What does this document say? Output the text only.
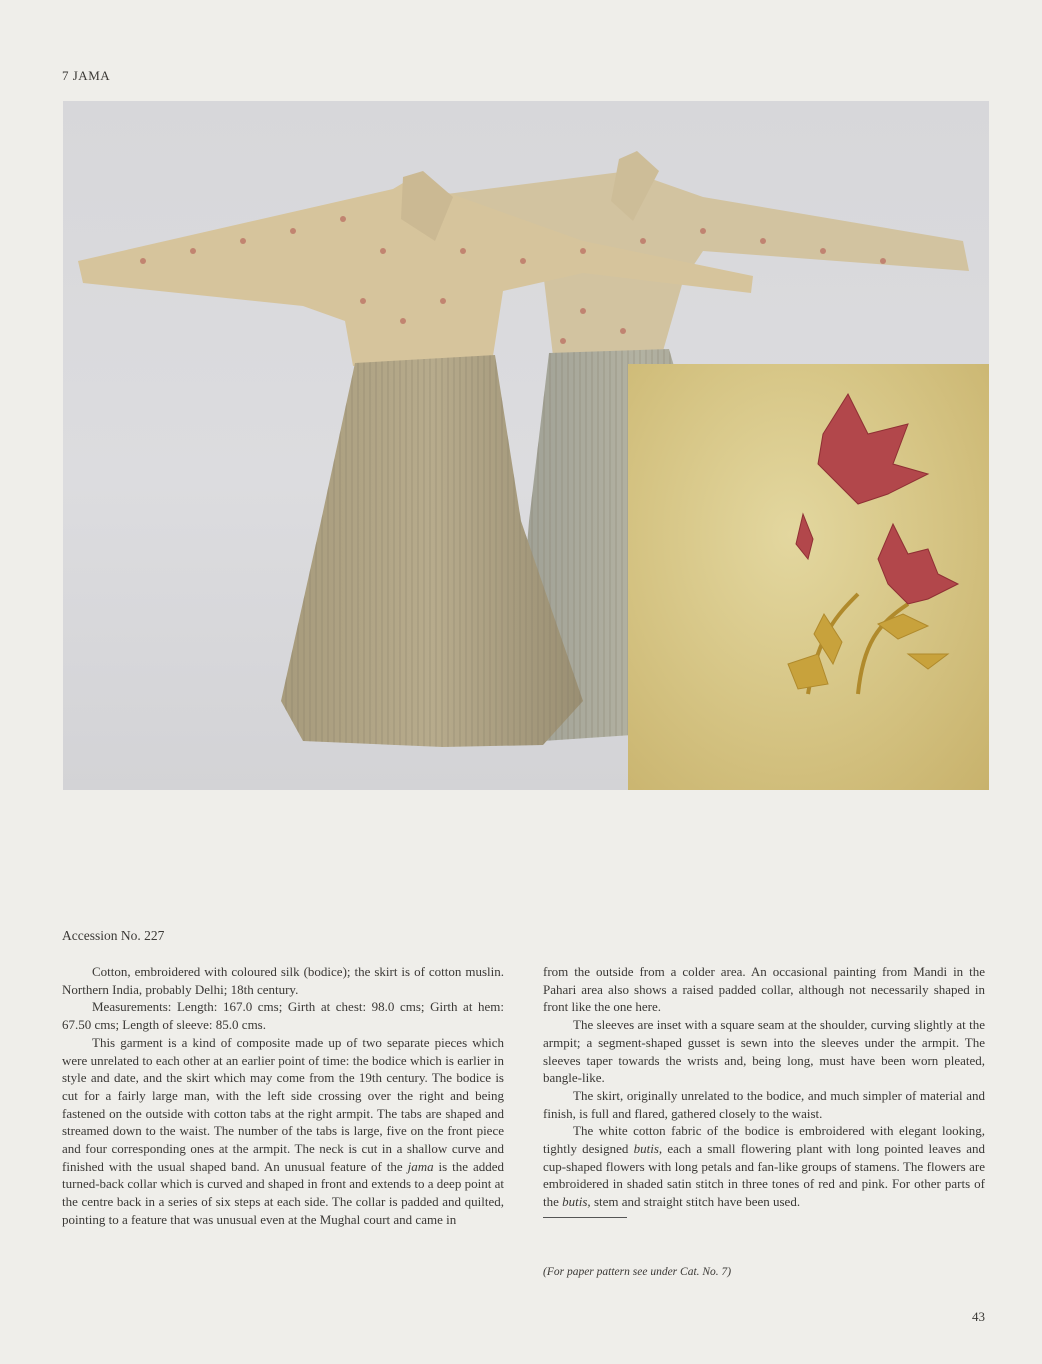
7 JAMA
Accession No. 227

Cotton, embroidered with coloured silk (bodice); the skirt is of cotton muslin. Northern India, probably Delhi; 18th century.

Measurements: Length: 167.0 cms; Girth at chest: 98.0 cms; Girth at hem: 67.50 cms; Length of sleeve: 85.0 cms.

This garment is a kind of composite made up of two separate pieces which were unrelated to each other at an earlier point of time: the bodice which is earlier in style and date, and the skirt which may come from the 19th century. The bodice is cut for a fairly large man, with the left side crossing over the right and being fastened on the outside with cotton tabs at the right armpit. The tabs are shaped and streamed down to the waist. The number of the tabs is large, five on the front piece and four corresponding ones at the armpit. The neck is cut in a shallow curve and finished with the usual shaped band. An unusual feature of the jama is the added turned-back collar which is curved and shaped in front and extends to a deep point at the centre back in a series of six steps at each side. The collar is padded and quilted, pointing to a feature that was unusual even at the Mughal court and came in

from the outside from a colder area. An occasional painting from Mandi in the Pahari area also shows a raised padded collar, although not necessarily shaped in front like the one here.

The sleeves are inset with a square seam at the shoulder, curving slightly at the armpit; a segment-shaped gusset is sewn into the sleeves under the armpit. The sleeves taper towards the wrists and, being long, must have been worn pleated, bangle-like.

The skirt, originally unrelated to the bodice, and much simpler of material and finish, is full and flared, gathered closely to the waist.

The white cotton fabric of the bodice is embroidered with elegant looking, tightly designed butis, each a small flowering plant with long pointed leaves and cup-shaped flowers with long petals and fan-like groups of stamens. The flowers are embroidered in shaded satin stitch in three tones of red and pink. For other parts of the butis, stem and straight stitch have been used.

(For paper pattern see under Cat. No. 7)
43
